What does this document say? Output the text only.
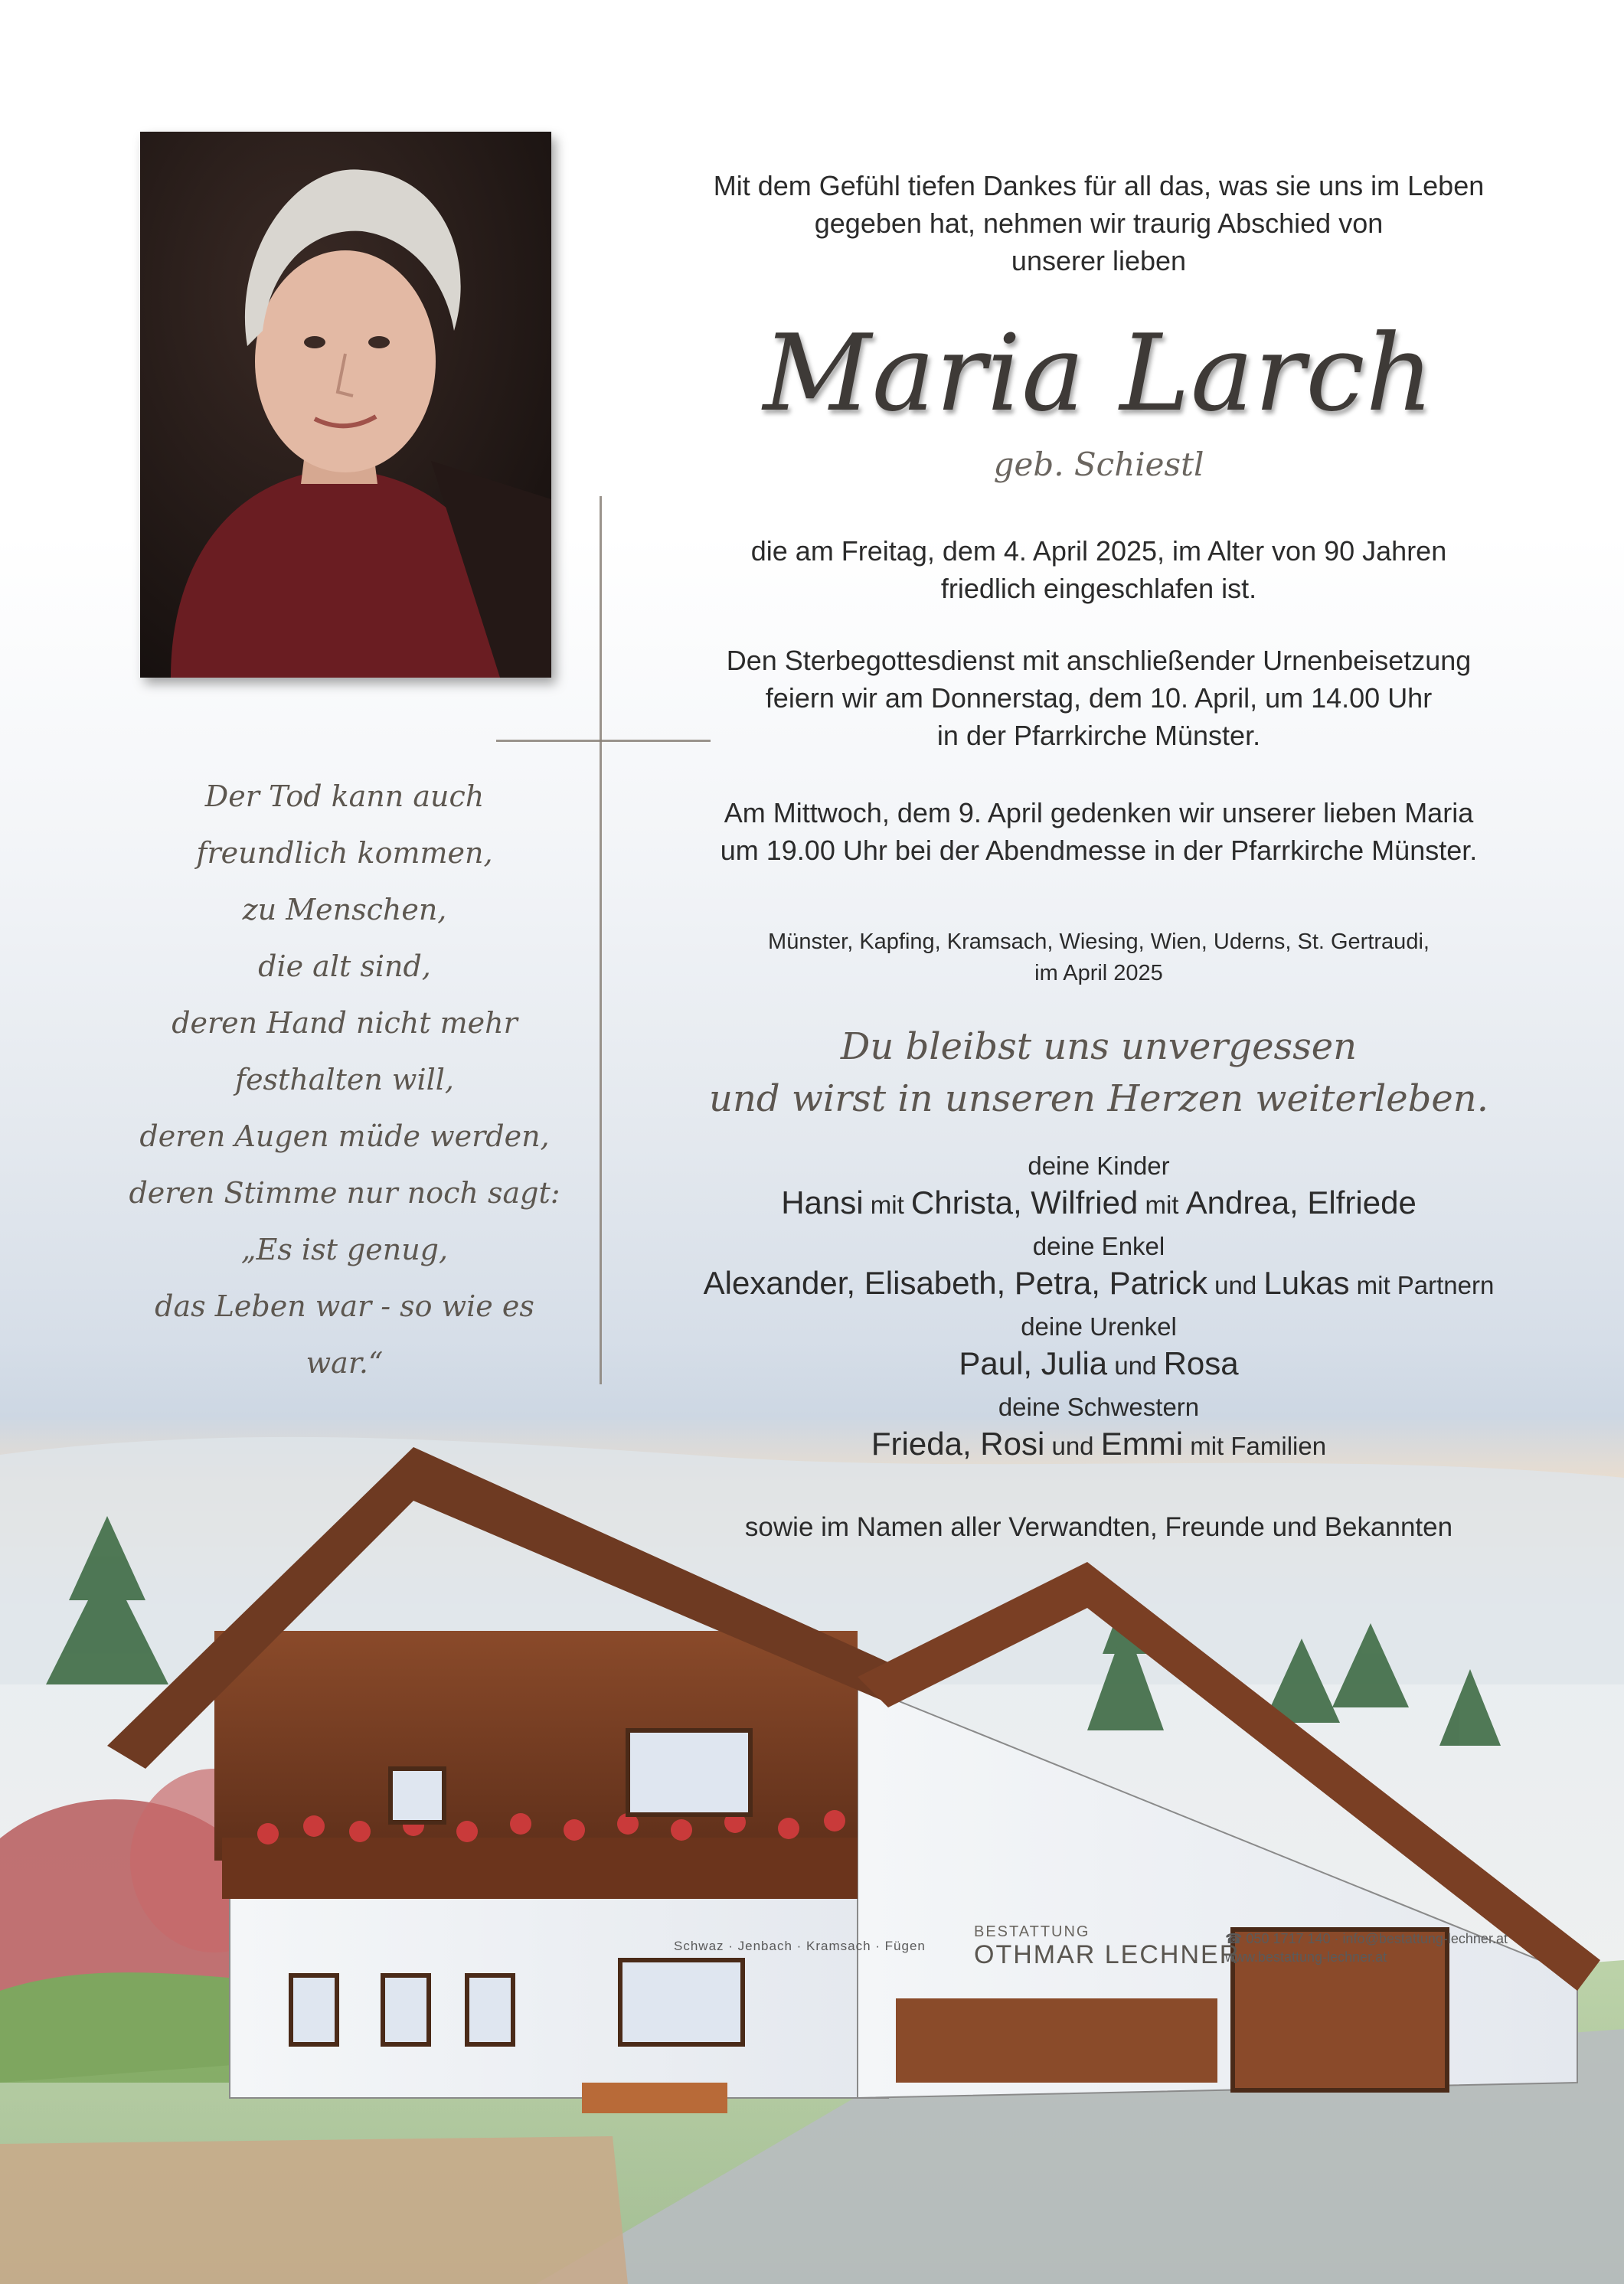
Mit dem Gefühl tiefen Dankes für all das, was sie uns im Leben

gegeben hat, nehmen wir traurig Abschied von

unserer lieben

Maria Larch
geb. Schiestl

die am Freitag, dem 4. April 2025, im Alter von 90 Jahren

friedlich eingeschlafen ist.

Den Sterbegottesdienst mit anschließender Urnenbeisetzung

feiern wir am Donnerstag, dem 10. April, um 14.00 Uhr

in der Pfarrkirche Münster.

Am Mittwoch, dem 9. April gedenken wir unserer lieben Maria

um 19.00 Uhr bei der Abendmesse in der Pfarrkirche Münster.

Münster, Kapfing, Kramsach, Wiesing, Wien, Uderns, St. Gertraudi,
im April 2025
Du bleibst uns unvergessen
und wirst in unseren Herzen weiterleben.
deine Kinder
Hansi mit Christa, Wilfried mit Andrea, Elfriede
deine Enkel
Alexander, Elisabeth, Petra, Patrick und Lukas mit Partnern
deine Urenkel
Paul, Julia und Rosa
deine Schwestern
Frieda, Rosi und Emmi mit Familien
sowie im Namen aller Verwandten, Freunde und Bekannten
Der Tod kann auch
freundlich kommen,
zu Menschen,
die alt sind,
deren Hand nicht mehr
festhalten will,
deren Augen müde werden,
deren Stimme nur noch sagt:
„Es ist genug,
das Leben war - so wie es war.“
Schwaz · Jenbach · Kramsach · Fügen
BESTATTUNG
OTHMAR LECHNER
☎ 050 1717 140 · info@bestattung-lechner.at
www.bestattung-lechner.at
